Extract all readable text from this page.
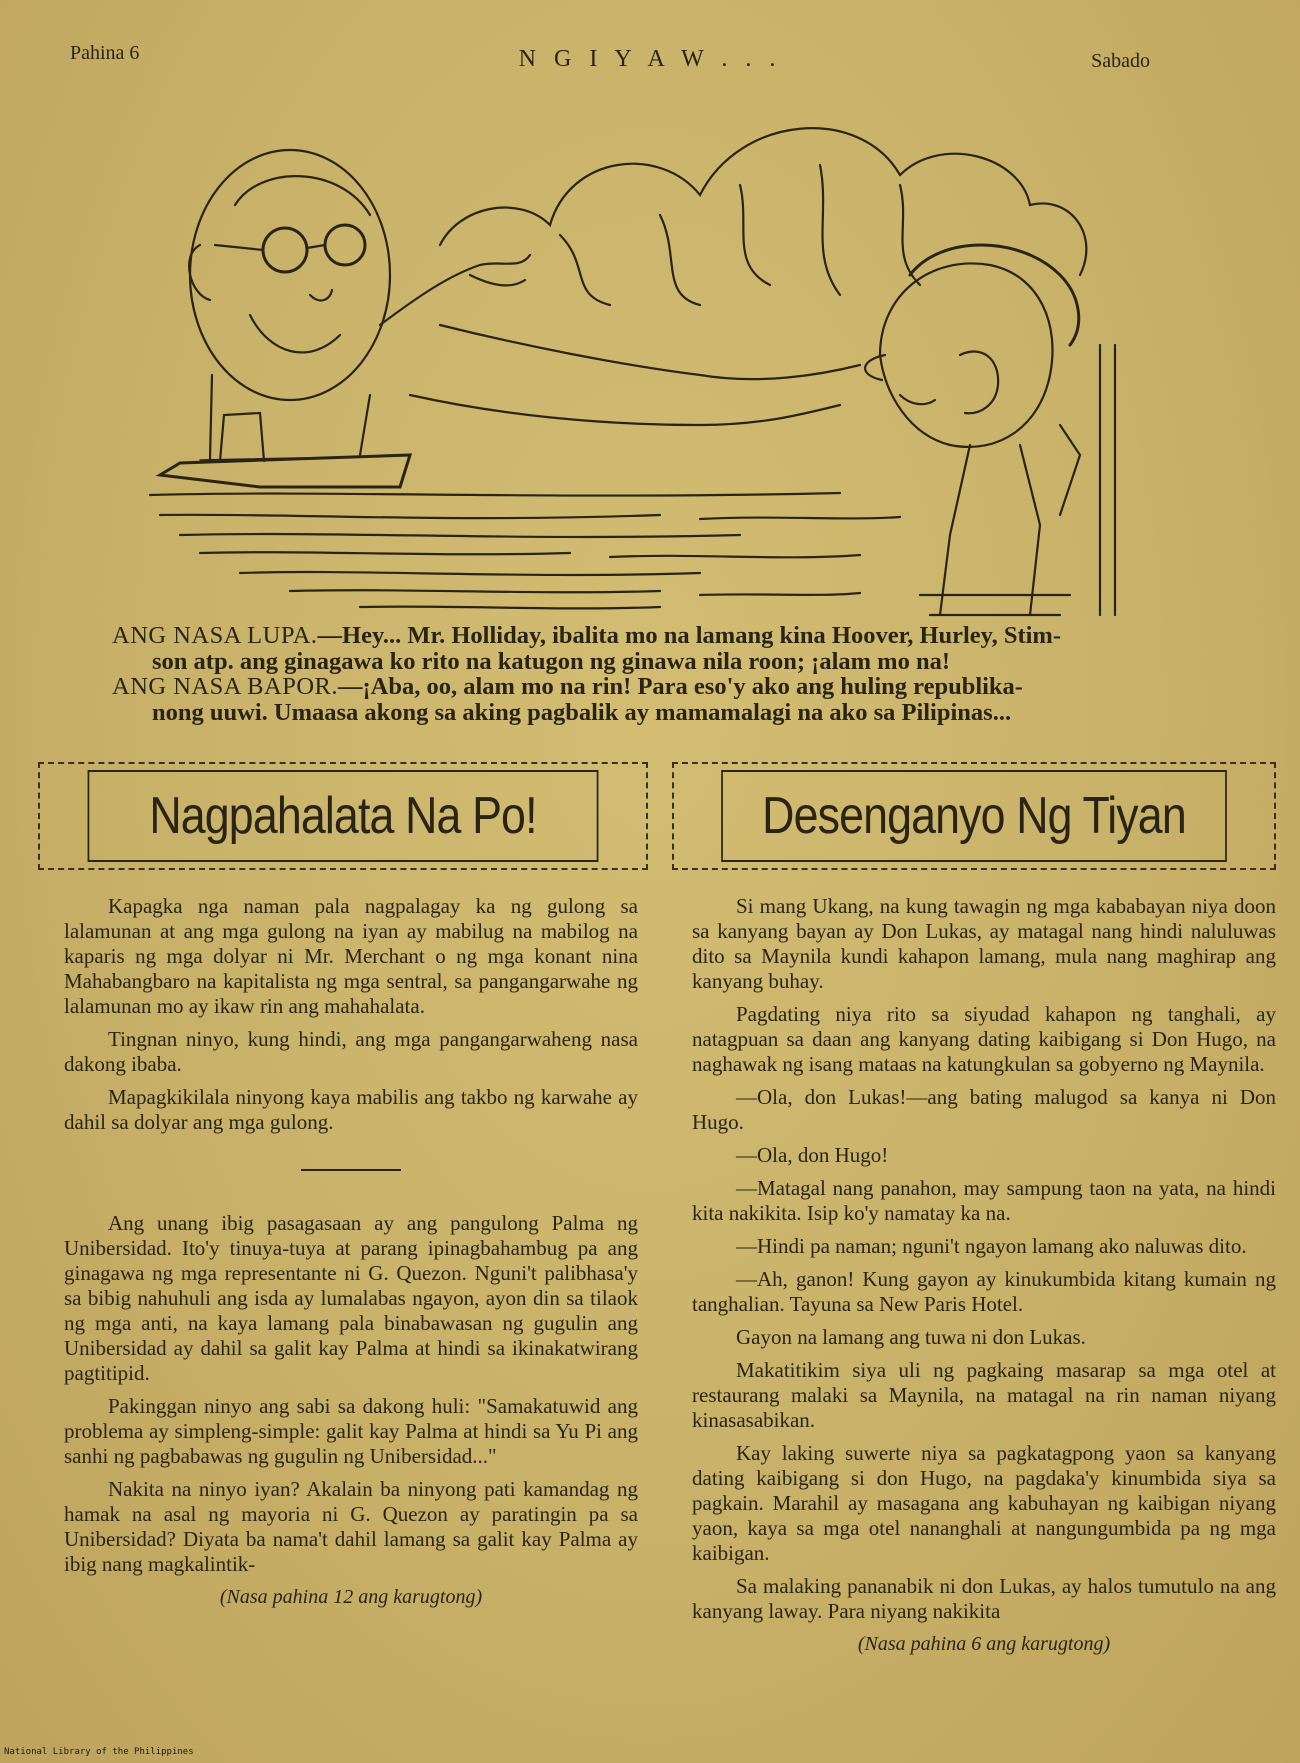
Pahina 6	N G I Y A W . . .	Sabado

ANG NASA LUPA.—Hey... Mr. Holliday, ibalita mo na lamang kina Hoover, Hurley, Stim-

son atp. ang ginagawa ko rito na katugon ng ginawa nila roon; ¡alam mo na!

ANG NASA BAPOR.—¡Aba, oo, alam mo na rin! Para eso'y ako ang huling republika-

nong uuwi. Umaasa akong sa aking pagbalik ay mamamalagi na ako sa Pilipinas...

Nagpahalata Na Po!

Kapagka nga naman pala nagpalagay ka ng gulong sa lalamunan at ang mga gulong na iyan ay mabilug na mabilog na kaparis ng mga dolyar ni Mr. Merchant o ng mga konant nina Mahabangbaro na kapitalista ng mga sentral, sa pangangarwahe ng lalamunan mo ay ikaw rin ang mahahalata.

Tingnan ninyo, kung hindi, ang mga pangangarwaheng nasa dakong ibaba.

Mapagkikilala ninyong kaya mabilis ang takbo ng karwahe ay dahil sa dolyar ang mga gulong.

Ang unang ibig pasagasaan ay ang pangulong Palma ng Unibersidad. Ito'y tinuya-tuya at parang ipinagbahambug pa ang ginagawa ng mga representante ni G. Quezon. Nguni't palibhasa'y sa bibig nahuhuli ang isda ay lumalabas ngayon, ayon din sa tilaok ng mga anti, na kaya lamang pala binabawasan ng gugulin ang Unibersidad ay dahil sa galit kay Palma at hindi sa ikinakatwirang pagtitipid.

Pakinggan ninyo ang sabi sa dakong huli: "Samakatuwid ang problema ay simpleng-simple: galit kay Palma at hindi sa Yu Pi ang sanhi ng pagbabawas ng gugulin ng Unibersidad..."

Nakita na ninyo iyan? Akalain ba ninyong pati kamandag ng hamak na asal ng mayoria ni G. Quezon ay paratingin pa sa Unibersidad? Diyata ba nama't dahil lamang sa galit kay Palma ay ibig nang magkalintik-

(Nasa pahina 12 ang karugtong)
Desenganyo Ng Tiyan

Si mang Ukang, na kung tawagin ng mga kababayan niya doon sa kanyang bayan ay Don Lukas, ay matagal nang hindi naluluwas dito sa Maynila kundi kahapon lamang, mula nang maghirap ang kanyang buhay.

Pagdating niya rito sa siyudad kahapon ng tanghali, ay natagpuan sa daan ang kanyang dating kaibigang si Don Hugo, na naghawak ng isang mataas na katungkulan sa gobyerno ng Maynila.

—Ola, don Lukas!—ang bating malugod sa kanya ni Don Hugo.

—Ola, don Hugo!

—Matagal nang panahon, may sampung taon na yata, na hindi kita nakikita. Isip ko'y namatay ka na.

—Hindi pa naman; nguni't ngayon lamang ako naluwas dito.

—Ah, ganon! Kung gayon ay kinukumbida kitang kumain ng tanghalian. Tayuna sa New Paris Hotel.

Gayon na lamang ang tuwa ni don Lukas.

Makatitikim siya uli ng pagkaing masarap sa mga otel at restaurang malaki sa Maynila, na matagal na rin naman niyang kinasasabikan.

Kay laking suwerte niya sa pagkatagpong yaon sa kanyang dating kaibigang si don Hugo, na pagdaka'y kinumbida siya sa pagkain. Marahil ay masagana ang kabuhayan ng kaibigan niyang yaon, kaya sa mga otel nananghali at nangungumbida pa ng mga kaibigan.

Sa malaking pananabik ni don Lukas, ay halos tumutulo na ang kanyang laway. Para niyang nakikita

(Nasa pahina 6 ang karugtong)
National Library of the Philippines
